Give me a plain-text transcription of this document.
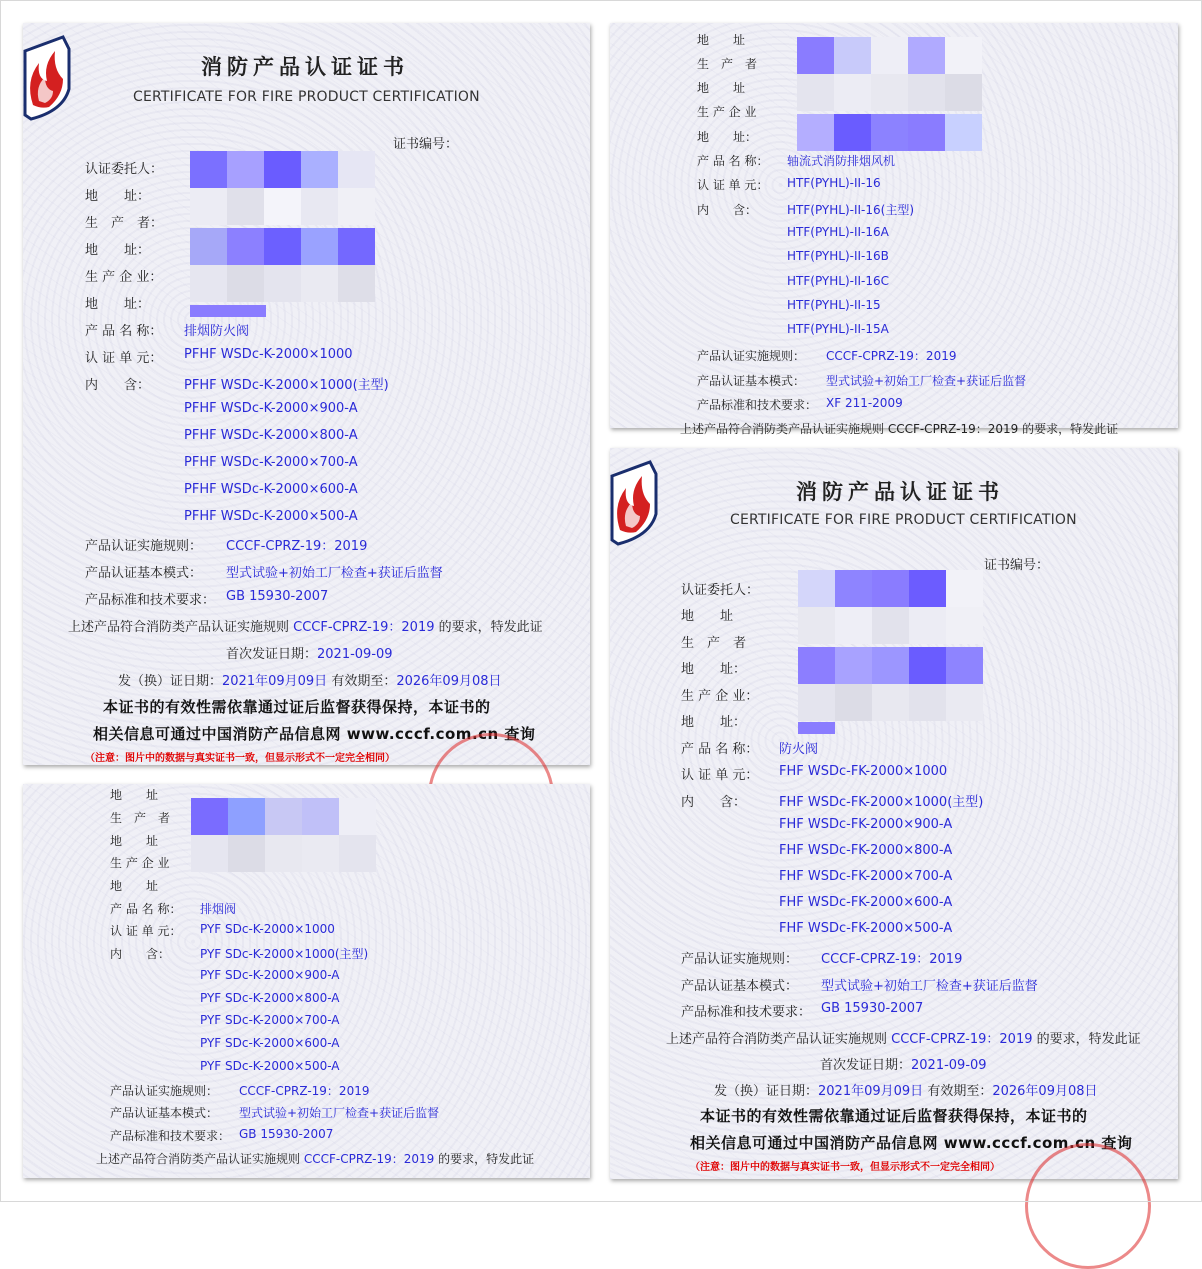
消防产品认证证书
CERTIFICATE FOR FIRE PRODUCT CERTIFICATION
证书编号：
认证委托人：
地　　址：
生　产　者：
地　　址：
生 产 企 业：
地　　址：
产 品 名 称： 排烟防火阀
认 证 单 元： PFHF WSDc-K-2000×1000
内　　含：	PFHF WSDc-K-2000×1000(主型)
PFHF WSDc-K-2000×900-A
PFHF WSDc-K-2000×800-A
PFHF WSDc-K-2000×700-A
PFHF WSDc-K-2000×600-A
PFHF WSDc-K-2000×500-A
产品认证实施规则： CCCF-CPRZ-19：2019
产品认证基本模式： 型式试验+初始工厂检查+获证后监督
产品标准和技术要求： GB 15930-2007
上述产品符合消防类产品认证实施规则 CCCF-CPRZ-19：2019 的要求，特发此证
首次发证日期：2021-09-09
发（换）证日期：2021年09月09日 有效期至：2026年09月08日
本证书的有效性需依靠通过证后监督获得保持，本证书的
相关信息可通过中国消防产品信息网 www.cccf.com.cn 查询
（注意：图片中的数据与真实证书一致，但显示形式不一定完全相同）
地　　址
生　产　者
地　　址
生 产 企 业
地　　址：
产 品 名 称： 轴流式消防排烟风机
认 证 单 元： HTF(PYHL)-II-16
内　　含： HTF(PYHL)-II-16(主型)
HTF(PYHL)-II-16A
HTF(PYHL)-II-16B
HTF(PYHL)-II-16C
HTF(PYHL)-II-15
HTF(PYHL)-II-15A
产品认证实施规则： CCCF-CPRZ-19：2019
产品认证基本模式： 型式试验+初始工厂检查+获证后监督
产品标准和技术要求： XF 211-2009
上述产品符合消防类产品认证实施规则 CCCF-CPRZ-19：2019 的要求，特发此证
地　　址
生　产　者
地　　址
生 产 企 业
地　　址
产 品 名 称： 排烟阀
认 证 单 元： PYF SDc-K-2000×1000
内　　含： PYF SDc-K-2000×1000(主型)
PYF SDc-K-2000×900-A
PYF SDc-K-2000×800-A
PYF SDc-K-2000×700-A
PYF SDc-K-2000×600-A
PYF SDc-K-2000×500-A
产品认证实施规则： CCCF-CPRZ-19：2019
产品认证基本模式： 型式试验+初始工厂检查+获证后监督
产品标准和技术要求： GB 15930-2007
上述产品符合消防类产品认证实施规则 CCCF-CPRZ-19：2019 的要求，特发此证
消防产品认证证书
CERTIFICATE FOR FIRE PRODUCT CERTIFICATION
证书编号：
认证委托人：
地　　址
生　产　者
地　　址：
生 产 企 业：
地　　址：
产 品 名 称： 防火阀
认 证 单 元： FHF WSDc-FK-2000×1000
内　　含：	FHF WSDc-FK-2000×1000(主型)
FHF WSDc-FK-2000×900-A
FHF WSDc-FK-2000×800-A
FHF WSDc-FK-2000×700-A
FHF WSDc-FK-2000×600-A
FHF WSDc-FK-2000×500-A
产品认证实施规则： CCCF-CPRZ-19：2019
产品认证基本模式： 型式试验+初始工厂检查+获证后监督
产品标准和技术要求： GB 15930-2007
上述产品符合消防类产品认证实施规则 CCCF-CPRZ-19：2019 的要求，特发此证
首次发证日期：2021-09-09
发（换）证日期：2021年09月09日 有效期至：2026年09月08日
本证书的有效性需依靠通过证后监督获得保持，本证书的
相关信息可通过中国消防产品信息网 www.cccf.com.cn 查询
（注意：图片中的数据与真实证书一致，但显示形式不一定完全相同）
